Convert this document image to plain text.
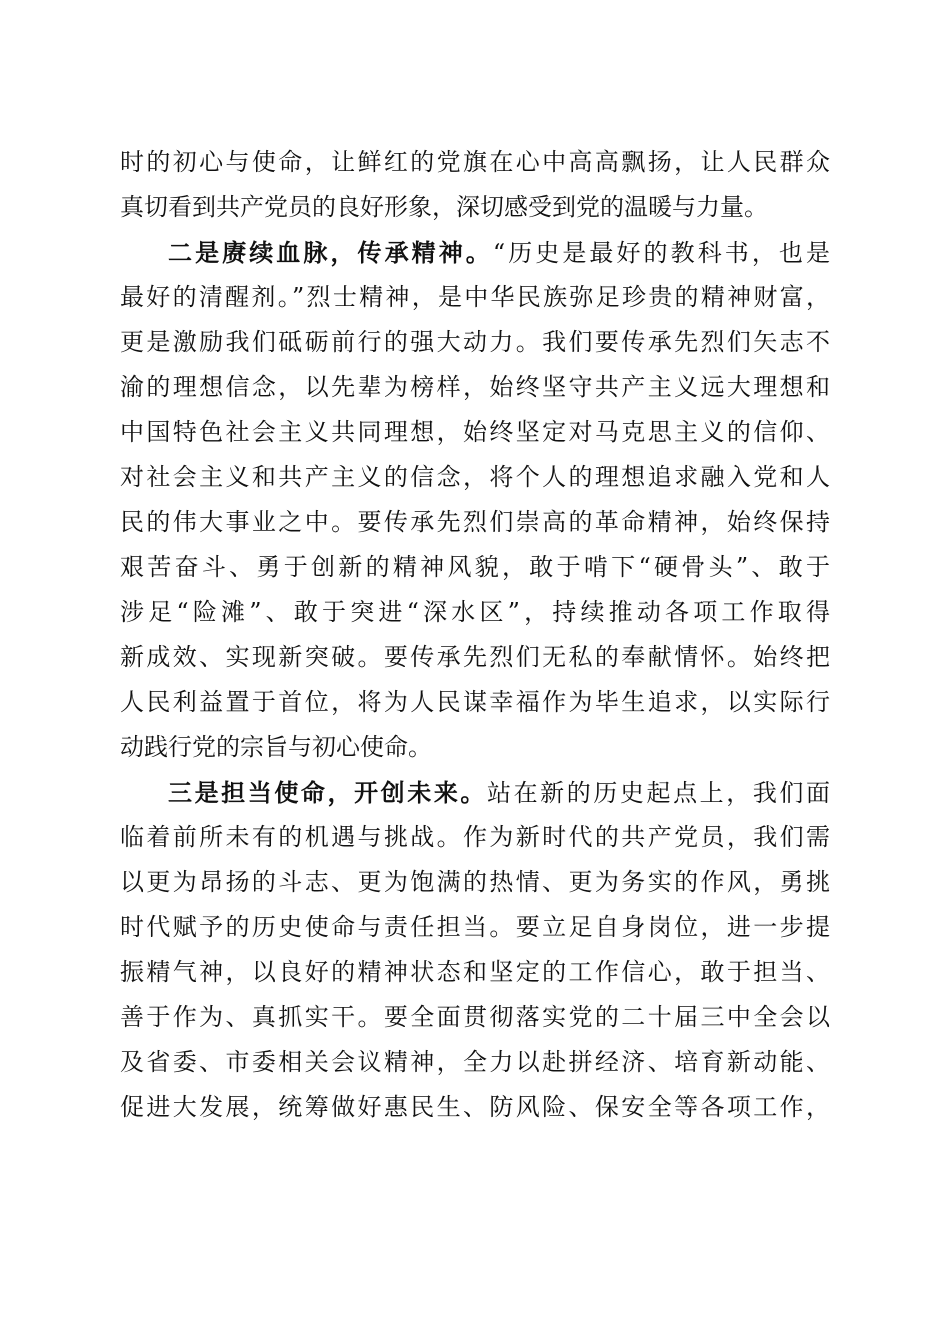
时的初心与使命，让鲜红的党旗在心中高高飘扬，让人民群众
真切看到共产党员的良好形象，深切感受到党的温暖与力量。
二是赓续血脉，传承精神。“历史是最好的教科书，也是
最好的清醒剂。”烈士精神，是中华民族弥足珍贵的精神财富，
更是激励我们砥砺前行的强大动力。我们要传承先烈们矢志不
渝的理想信念，以先辈为榜样，始终坚守共产主义远大理想和
中国特色社会主义共同理想，始终坚定对马克思主义的信仰、
对社会主义和共产主义的信念，将个人的理想追求融入党和人
民的伟大事业之中。要传承先烈们崇高的革命精神，始终保持
艰苦奋斗、勇于创新的精神风貌，敢于啃下“硬骨头”、敢于
涉足“险滩”、敢于突进“深水区”，持续推动各项工作取得
新成效、实现新突破。要传承先烈们无私的奉献情怀。始终把
人民利益置于首位，将为人民谋幸福作为毕生追求，以实际行
动践行党的宗旨与初心使命。
三是担当使命，开创未来。站在新的历史起点上，我们面
临着前所未有的机遇与挑战。作为新时代的共产党员，我们需
以更为昂扬的斗志、更为饱满的热情、更为务实的作风，勇挑
时代赋予的历史使命与责任担当。要立足自身岗位，进一步提
振精气神，以良好的精神状态和坚定的工作信心，敢于担当、
善于作为、真抓实干。要全面贯彻落实党的二十届三中全会以
及省委、市委相关会议精神，全力以赴拼经济、培育新动能、
促进大发展，统筹做好惠民生、防风险、保安全等各项工作，
